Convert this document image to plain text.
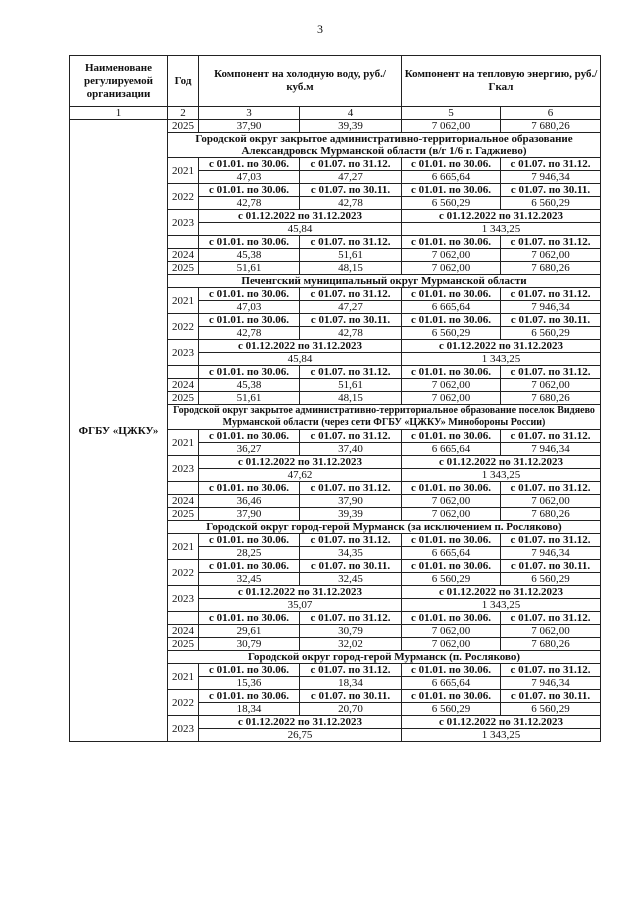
3
Наименоване регулируемой организации	Год	Компонент на холодную воду, руб./куб.м		Компонент на тепловую энергию, руб./Гкал	
1	2	3	4	5	6
ФГБУ «ЦЖКУ»	2025	37,90	39,39	7 062,00	7 680,26
	Городской округ закрытое административно-территориальное образование Александровск Мурманской области (в/г 1/6 г. Гаджиево)				
	2021	с 01.01. по 30.06.	с 01.07. по 31.12.	с 01.01. по 30.06.	с 01.07. по 31.12.
		47,03	47,27	6 665,64	7 946,34
	2022	с 01.01. по 30.06.	с 01.07. по 30.11.	с 01.01. по 30.06.	с 01.07. по 30.11.
		42,78	42,78	6 560,29	6 560,29
	2023	с 01.12.2022 по 31.12.2023		с 01.12.2022 по 31.12.2023	
		45,84		1 343,25	
		с 01.01. по 30.06.	с 01.07. по 31.12.	с 01.01. по 30.06.	с 01.07. по 31.12.
	2024	45,38	51,61	7 062,00	7 062,00
	2025	51,61	48,15	7 062,00	7 680,26
	Печенгский муниципальный округ Мурманской области				
	2021	с 01.01. по 30.06.	с 01.07. по 31.12.	с 01.01. по 30.06.	с 01.07. по 31.12.
		47,03	47,27	6 665,64	7 946,34
	2022	с 01.01. по 30.06.	с 01.07. по 30.11.	с 01.01. по 30.06.	с 01.07. по 30.11.
		42,78	42,78	6 560,29	6 560,29
	2023	с 01.12.2022 по 31.12.2023		с 01.12.2022 по 31.12.2023	
		45,84		1 343,25	
		с 01.01. по 30.06.	с 01.07. по 31.12.	с 01.01. по 30.06.	с 01.07. по 31.12.
	2024	45,38	51,61	7 062,00	7 062,00
	2025	51,61	48,15	7 062,00	7 680,26
	Городской округ закрытое административно-территориальное образование поселок Видяево Мурманской области (через сети ФГБУ «ЦЖКУ» Минобороны России)				
	2021	с 01.01. по 30.06.	с 01.07. по 31.12.	с 01.01. по 30.06.	с 01.07. по 31.12.
		36,27	37,40	6 665,64	7 946,34
	2023	с 01.12.2022 по 31.12.2023		с 01.12.2022 по 31.12.2023	
		47,62		1 343,25	
		с 01.01. по 30.06.	с 01.07. по 31.12.	с 01.01. по 30.06.	с 01.07. по 31.12.
	2024	36,46	37,90	7 062,00	7 062,00
	2025	37,90	39,39	7 062,00	7 680,26
	Городской округ город-герой Мурманск (за исключением п. Росляково)				
	2021	с 01.01. по 30.06.	с 01.07. по 31.12.	с 01.01. по 30.06.	с 01.07. по 31.12.
		28,25	34,35	6 665,64	7 946,34
	2022	с 01.01. по 30.06.	с 01.07. по 30.11.	с 01.01. по 30.06.	с 01.07. по 30.11.
		32,45	32,45	6 560,29	6 560,29
	2023	с 01.12.2022 по 31.12.2023		с 01.12.2022 по 31.12.2023	
		35,07		1 343,25	
		с 01.01. по 30.06.	с 01.07. по 31.12.	с 01.01. по 30.06.	с 01.07. по 31.12.
	2024	29,61	30,79	7 062,00	7 062,00
	2025	30,79	32,02	7 062,00	7 680,26
	Городской округ город-герой Мурманск (п. Росляково)				
	2021	с 01.01. по 30.06.	с 01.07. по 31.12.	с 01.01. по 30.06.	с 01.07. по 31.12.
		15,36	18,34	6 665,64	7 946,34
	2022	с 01.01. по 30.06.	с 01.07. по 30.11.	с 01.01. по 30.06.	с 01.07. по 30.11.
		18,34	20,70	6 560,29	6 560,29
	2023	с 01.12.2022 по 31.12.2023		с 01.12.2022 по 31.12.2023	
		26,75		1 343,25	
